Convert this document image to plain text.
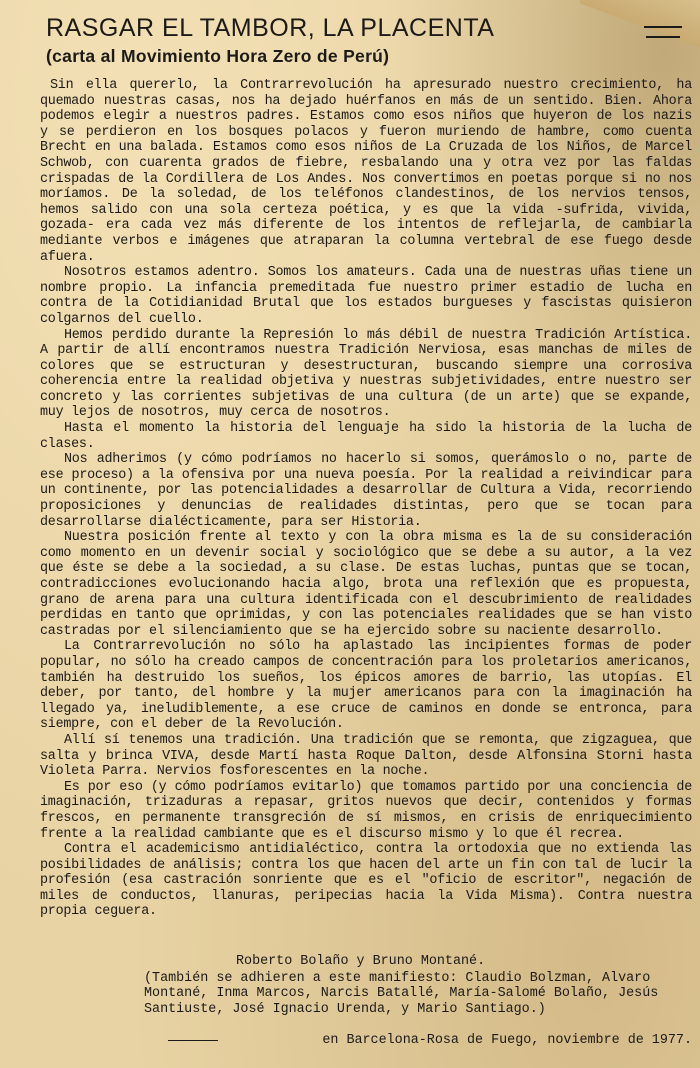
RASGAR EL TAMBOR, LA PLACENTA
(carta al Movimiento Hora Zero de Perú)

Sin ella quererlo, la Contrarrevolución ha apresurado nuestro crecimiento, ha quemado nuestras casas, nos ha dejado huérfanos en más de un sentido. Bien. Ahora podemos elegir a nuestros padres. Estamos como esos niños que huyeron de los nazis y se perdieron en los bosques polacos y fueron muriendo de hambre, como cuenta Brecht en una balada. Estamos como esos niños de La Cruzada de los Niños, de Marcel Schwob, con cuarenta grados de fiebre, resbalando una y otra vez por las faldas crispadas de la Cordillera de Los Andes. Nos convertimos en poetas porque si no nos moríamos. De la soledad, de los teléfonos clandestinos, de los nervios tensos, hemos salido con una sola certeza poética, y es que la vida -sufrida, vivida, gozada- era cada vez más diferente de los intentos de reflejarla, de cambiarla mediante verbos e imágenes que atraparan la columna vertebral de ese fuego desde afuera.

Nosotros estamos adentro. Somos los amateurs. Cada una de nuestras uñas tiene un nombre propio. La infancia premeditada fue nuestro primer estadio de lucha en contra de la Cotidianidad Brutal que los estados burgueses y fascistas quisieron colgarnos del cuello.

Hemos perdido durante la Represión lo más débil de nuestra Tradición Artística. A partir de allí encontramos nuestra Tradición Nerviosa, esas manchas de miles de colores que se estructuran y desestructuran, buscando siempre una corrosiva coherencia entre la realidad objetiva y nuestras subjetividades, entre nuestro ser concreto y las corrientes subjetivas de una cultura (de un arte) que se expande, muy lejos de nosotros, muy cerca de nosotros.

Hasta el momento la historia del lenguaje ha sido la historia de la lucha de clases.

Nos adherimos (y cómo podríamos no hacerlo si somos, querámoslo o no, parte de ese proceso) a la ofensiva por una nueva poesía. Por la realidad a reivindicar para un continente, por las potencialidades a desarrollar de Cultura a Vida, recorriendo proposiciones y denuncias de realidades distintas, pero que se tocan para desarrollarse dialécticamente, para ser Historia.

Nuestra posición frente al texto y con la obra misma es la de su consideración como momento en un devenir social y sociológico que se debe a su autor, a la vez que éste se debe a la sociedad, a su clase. De estas luchas, puntas que se tocan, contradicciones evolucionando hacia algo, brota una reflexión que es propuesta, grano de arena para una cultura identificada con el descubrimiento de realidades perdidas en tanto que oprimidas, y con las potenciales realidades que se han visto castradas por el silenciamiento que se ha ejercido sobre su naciente desarrollo.

La Contrarrevolución no sólo ha aplastado las incipientes formas de poder popular, no sólo ha creado campos de concentración para los proletarios americanos, también ha destruido los sueños, los épicos amores de barrio, las utopías. El deber, por tanto, del hombre y la mujer americanos para con la imaginación ha llegado ya, ineludiblemente, a ese cruce de caminos en donde se entronca, para siempre, con el deber de la Revolución.

Allí sí tenemos una tradición. Una tradición que se remonta, que zigzaguea, que salta y brinca VIVA, desde Martí hasta Roque Dalton, desde Alfonsina Storni hasta Violeta Parra. Nervios fosforescentes en la noche.

Es por eso (y cómo podríamos evitarlo) que tomamos partido por una conciencia de imaginación, trizaduras a repasar, gritos nuevos que decir, contenidos y formas frescos, en permanente transgreción de sí mismos, en crisis de enriquecimiento frente a la realidad cambiante que es el discurso mismo y lo que él recrea.

Contra el academicismo antidialéctico, contra la ortodoxia que no extienda las posibilidades de análisis; contra los que hacen del arte un fin con tal de lucir la profesión (esa castración sonriente que es el "oficio de escritor", negación de miles de conductos, llanuras, peripecias hacia la Vida Misma). Contra nuestra propia ceguera.

Roberto Bolaño y Bruno Montané.

(También se adhieren a este manifiesto: Claudio Bolzman, Alvaro Montané, Inma Marcos, Narcis Batallé, María-Salomé Bolaño, Jesús Santiuste, José Ignacio Urenda, y Mario Santiago.)

en Barcelona-Rosa de Fuego, noviembre de 1977.
